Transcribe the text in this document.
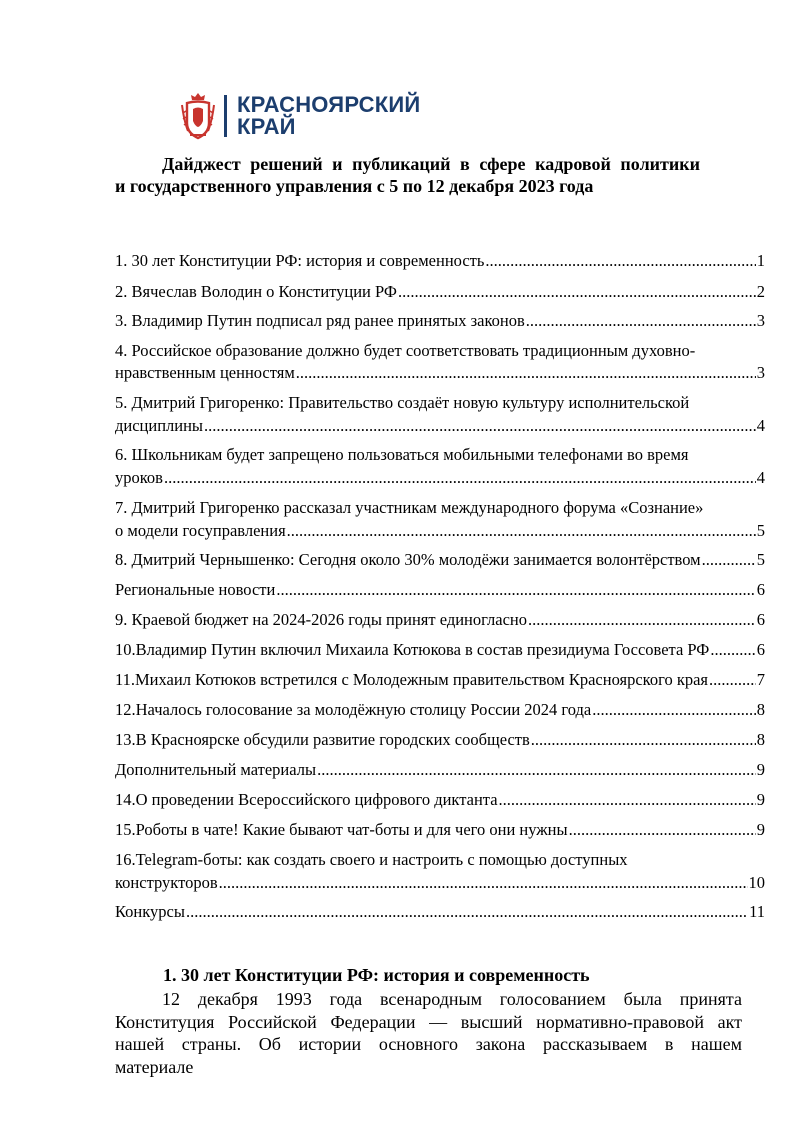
КРАСНОЯРСКИЙ
КРАЙ
Дайджест решений и публикаций в сфере кадровой политики
и государственного управления с 5 по 12 декабря 2023 года
1. 30 лет Конституции РФ: история и современность .....	1
2. Вячеслав Володин о Конституции РФ .....	2
3. Владимир Путин подписал ряд ранее принятых законов .....	3
4. Российское образование должно будет соответствовать традиционным духовно-
нравственным ценностям .....	3
5. Дмитрий Григоренко: Правительство создаёт новую культуру исполнительской
дисциплины .....	4
6. Школьникам будет запрещено пользоваться мобильными телефонами во время
уроков .....	4
7. Дмитрий Григоренко рассказал участникам международного форума «Сознание»
о модели госуправления .....	5
8. Дмитрий Чернышенко: Сегодня около 30% молодёжи занимается волонтёрством .....	5
Региональные новости .....	6
9. Краевой бюджет на 2024-2026 годы принят единогласно .....	6
10.Владимир Путин включил Михаила Котюкова в состав президиума Госсовета РФ .....	6
11.Михаил Котюков встретился с Молодежным правительством Красноярского края .....	7
12.Началось голосование за молодёжную столицу России 2024 года .....	8
13.В Красноярске обсудили развитие городских сообществ .....	8
Дополнительный материалы .....	9
14.О проведении Всероссийского цифрового диктанта .....	9
15.Роботы в чате! Какие бывают чат-боты и для чего они нужны .....	9
16.Telegram-боты: как создать своего и настроить с помощью доступных
конструкторов .....	10
Конкурсы .....	11
1. 30 лет Конституции РФ: история и современность
12 декабря 1993 года всенародным голосованием была принята
Конституция Российской Федерации — высший нормативно-правовой акт
нашей страны. Об истории основного закона рассказываем в нашем
материале
